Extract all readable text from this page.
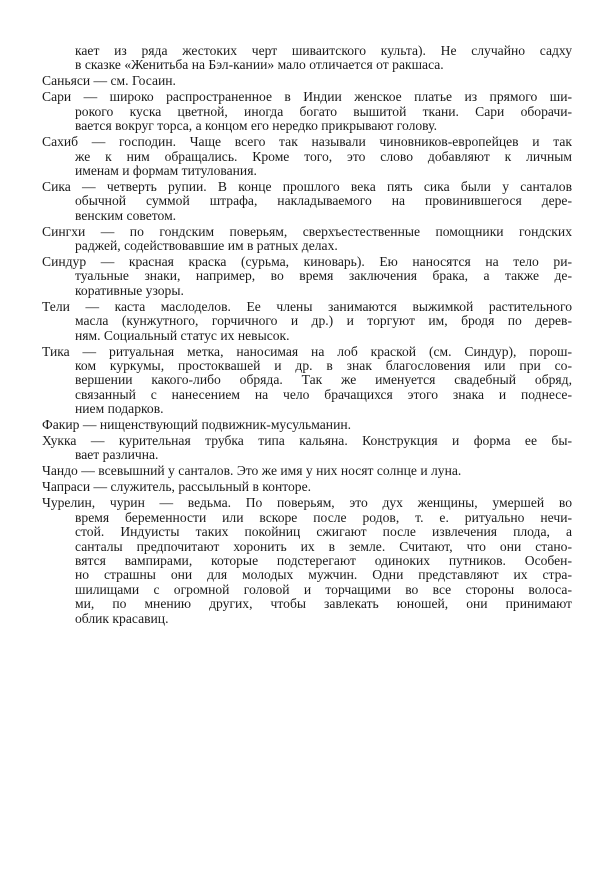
кает из ряда жестоких черт шиваитского культа). Не случайно садху
в сказке «Женитьба на Бэл-кании» мало отличается от ракшаса.
Саньяси — см. Госаин.
Сари — широко распространенное в Индии женское платье из прямого ши-
рокого куска цветной, иногда богато вышитой ткани. Сари оборачи-
вается вокруг торса, а концом его нередко прикрывают голову.
Сахиб — господин. Чаще всего так называли чиновников-европейцев и так
же к ним обращались. Кроме того, это слово добавляют к личным
именам и формам титулования.
Сика — четверть рупии. В конце прошлого века пять сика были у санталов
обычной суммой штрафа, накладываемого на провинившегося дере-
венским советом.
Сингхи — по гондским поверьям, сверхъестественные помощники гондских
раджей, содействовавшие им в ратных делах.
Синдур — красная краска (сурьма, киноварь). Ею наносятся на тело ри-
туальные знаки, например, во время заключения брака, а также де-
коративные узоры.
Тели — каста маслоделов. Ее члены занимаются выжимкой растительного
масла (кунжутного, горчичного и др.) и торгуют им, бродя по дерев-
ням. Социальный статус их невысок.
Тика — ритуальная метка, наносимая на лоб краской (см. Синдур), порош-
ком куркумы, простоквашей и др. в знак благословения или при со-
вершении какого-либо обряда. Так же именуется свадебный обряд,
связанный с нанесением на чело брачащихся этого знака и поднесе-
нием подарков.
Факир — нищенствующий подвижник-мусульманин.
Хукка — курительная трубка типа кальяна. Конструкция и форма ее бы-
вает различна.
Чандо — всевышний у санталов. Это же имя у них носят солнце и луна.
Чапраси — служитель, рассыльный в конторе.
Чурелин, чурин — ведьма. По поверьям, это дух женщины, умершей во
время беременности или вскоре после родов, т. е. ритуально нечи-
стой. Индуисты таких покойниц сжигают после извлечения плода, а
санталы предпочитают хоронить их в земле. Считают, что они стано-
вятся вампирами, которые подстерегают одиноких путников. Особен-
но страшны они для молодых мужчин. Одни представляют их стра-
шилищами с огромной головой и торчащими во все стороны волоса-
ми, по мнению других, чтобы завлекать юношей, они принимают
облик красавиц.
